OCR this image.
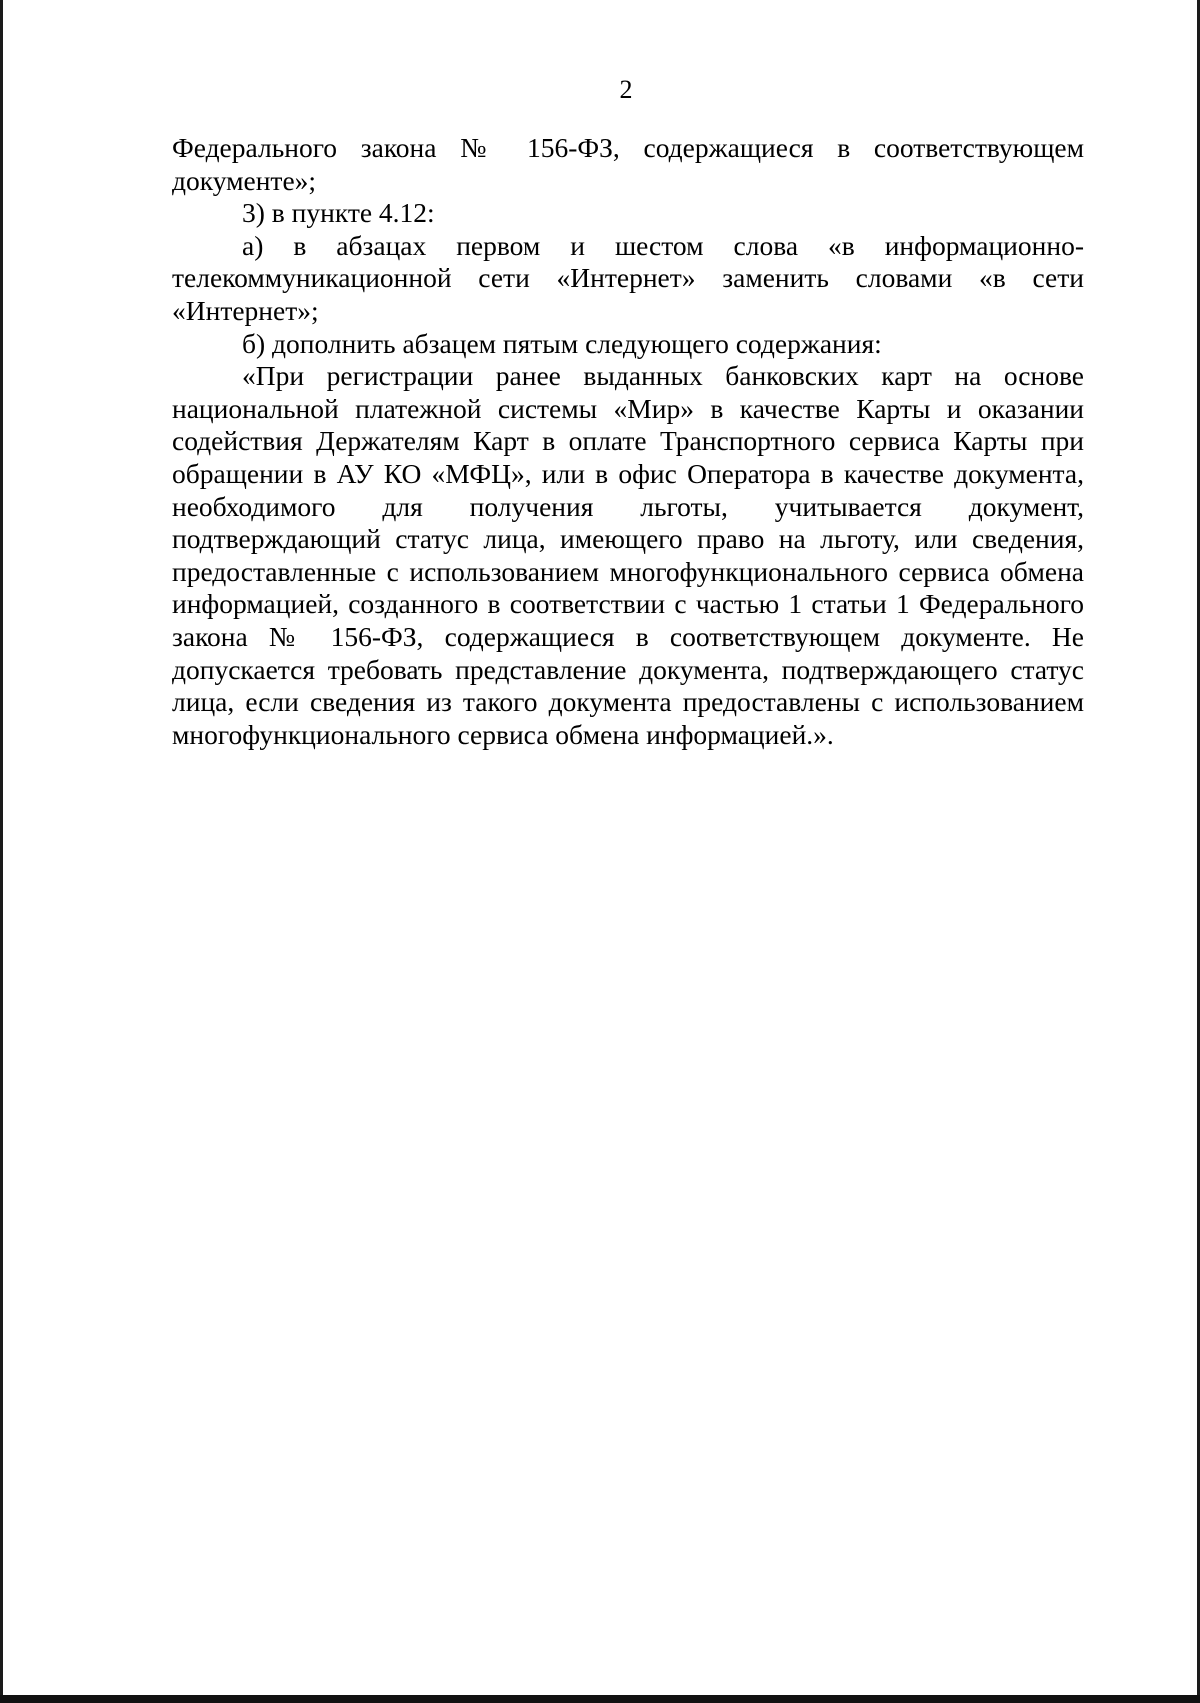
2

Федерального закона № 156-ФЗ, содержащиеся в соответствующем документе»;

3) в пункте 4.12:

а) в абзацах первом и шестом слова «в информационно-телекоммуникационной сети «Интернет» заменить словами «в сети «Интернет»;

б) дополнить абзацем пятым следующего содержания:

«При регистрации ранее выданных банковских карт на основе национальной платежной системы «Мир» в качестве Карты и оказании содействия Держателям Карт в оплате Транспортного сервиса Карты при обращении в АУ КО «МФЦ», или в офис Оператора в качестве документа, необходимого для получения льготы, учитывается документ, подтверждающий статус лица, имеющего право на льготу, или сведения, предоставленные с использованием многофункционального сервиса обмена информацией, созданного в соответствии с частью 1 статьи 1 Федерального закона № 156-ФЗ, содержащиеся в соответствующем документе. Не допускается требовать представление документа, подтверждающего статус лица, если сведения из такого документа предоставлены с использованием многофункционального сервиса обмена информацией.».
